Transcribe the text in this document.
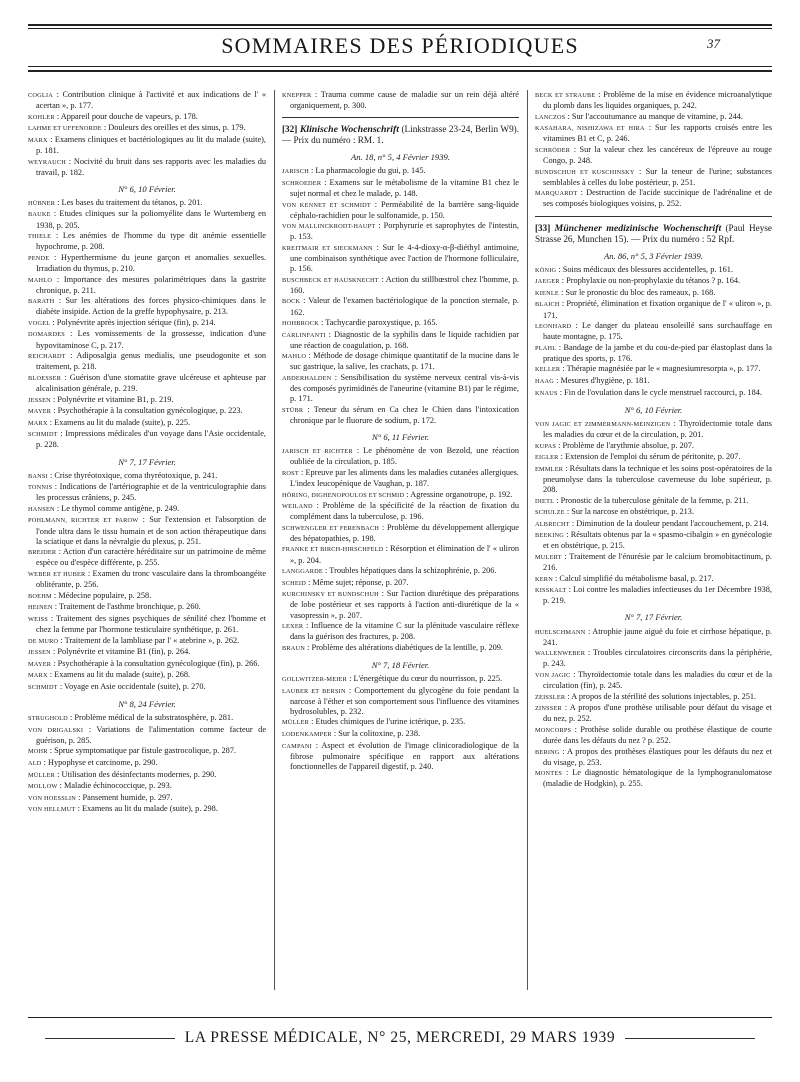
SOMMAIRES DES PÉRIODIQUES	37

COGLIA : Contribution clinique à l'activité et aux indications de l' « acertan », p. 177.

KOHLER : Appareil pour douche de vapeurs, p. 178.

LAHME ET UFFENORDE : Douleurs des oreilles et des sinus, p. 179.

MARX : Examens cliniques et bactériologiques au lit du malade (suite), p. 181.

WEYRAUCH : Nocivité du bruit dans ses rapports avec les maladies du travail, p. 182.

N° 6, 10 Février.

HÜBNER : Les bases du traitement du tétanos, p. 201.

BAUKE : Etudes cliniques sur la poliomyélite dans le Wurtemberg en 1938, p. 205.

THIELE : Les anémies de l'homme du type dit anémie essentielle hypochrome, p. 208.

PENDE : Hyperthermisme du jeune garçon et anomalies sexuelles. Irradiation du thymus, p. 210.

MAHLO : Importance des mesures polarimétriques dans la gastrite chronique, p. 211.

BARATH : Sur les altérations des forces physico-chimiques dans le diabète insipide. Action de la greffe hypophysaire, p. 213.

VOGEL : Polynévrite après injection sérique (fin), p. 214.

DOMARDES : Les vomissements de la grossesse, indication d'une hypovitaminose C, p. 217.

REICHARDT : Adiposalgia genus medialis, une pseudogonite et son traitement, p. 218.

BLOESSER : Guérison d'une stomatite grave ulcéreuse et aphteuse par alcalinisation générale, p. 219.

JESSEN : Polynévrite et vitamine B1, p. 219.

MAYER : Psychothérapie à la consultation gynécologique, p. 223.

MARX : Examens au lit du malade (suite), p. 225.

SCHMIDT : Impressions médicales d'un voyage dans l'Asie occidentale, p. 228.

N° 7, 17 Février.

BANSI : Crise thyréotoxique, coma thyréotoxique, p. 241.

TONNIS : Indications de l'artériographie et de la ventriculographie dans les processus crâniens, p. 245.

HANSEN : Le thymol comme antigène, p. 249.

POHLMANN, RICHTER ET PAROW : Sur l'extension et l'absorption de l'onde ultra dans le tissu humain et de son action thérapeutique dans la sciatique et dans la névralgie du plexus, p. 251.

BREIDER : Action d'un caractère héréditaire sur un patrimoine de même espèce ou d'espèce différente, p. 255.

WEBER ET HUBER : Examen du tronc vasculaire dans la thromboangéite oblitérante, p. 256.

BOEHM : Médecine populaire, p. 258.

HEINEN : Traitement de l'asthme bronchique, p. 260.

WEISS : Traitement des signes psychiques de sénilité chez l'homme et chez la femme par l'hormone testiculaire synthétique, p. 261.

DE MURO : Traitement de la lambliase par l' « atebrine », p. 262.

JESSEN : Polynévrite et vitamine B1 (fin), p. 264.

MAYER : Psychothérapie à la consultation gynécologique (fin), p. 266.

MARX : Examens au lit du malade (suite), p. 268.

SCHMIDT : Voyage en Asie occidentale (suite), p. 270.

N° 8, 24 Février.

STRUGHOLD : Problème médical de la substratosphère, p. 281.

VON DRIGALSKI : Variations de l'alimentation comme facteur de guérison, p. 285.

MOHR : Sprue symptomatique par fistule gastrocolique, p. 287.

ALD : Hypophyse et carcinome, p. 290.

MÜLLER : Utilisation des désinfectants modernes, p. 290.

MOLLOW : Maladie échinococcique, p. 293.

VON HOESSLIN : Pansement humide, p. 297.

VON HELLMUT : Examens au lit du malade (suite), p. 298.

KNEPPER : Trauma comme cause de maladie sur un rein déjà altéré organiquement, p. 300.

[32] Klinische Wochenschrift (Linkstrasse 23-24, Berlin W9). — Prix du numéro : RM. 1.

An. 18, n° 5, 4 Février 1939.

JARISCH : La pharmacologie du gui, p. 145.

SCHROEDER : Examens sur le métabolisme de la vitamine B1 chez le sujet normal et chez le malade, p. 148.

VON KENNET ET SCHMIDT : Perméabilité de la barrière sang-liquide céphalo-rachidien pour le sulfonamide, p. 150.

VON MALLINCKRODT-HAUPT : Porphyrurie et saprophytes de l'intestin, p. 153.

KREITMAIR ET SIECKMANN : Sur le 4-4-dioxy-α-β-diéthyl antimoine, une combinaison synthétique avec l'action de l'hormone folliculaire, p. 156.

BUSCHBECK ET HAUSKNECHT : Action du stillbœstrol chez l'homme, p. 160.

BOCK : Valeur de l'examen bactériologique de la ponction sternale, p. 162.

HOHBROCK : Tachycardie paroxystique, p. 165.

CARLINFANTI : Diagnostic de la syphilis dans le liquide rachidien par une réaction de coagulation, p. 168.

MAHLO : Méthode de dosage chimique quantitatif de la mucine dans le suc gastrique, la salive, les crachats, p. 171.

ABDERHALDEN : Sensibilisation du système nerveux central vis-à-vis des composés pyrimidinés de l'aneurine (vitamine B1) par le régime, p. 171.

STÜBR : Teneur du sérum en Ca chez le Chien dans l'intoxication chronique par le fluorure de sodium, p. 172.

N° 6, 11 Février.

JARISCH ET RICHTER : Le phénomène de von Bezold, une réaction oubliée de la circulation, p. 185.

ROST : Epreuve par les aliments dans les maladies cutanées allergiques. L'index leucopénique de Vaughan, p. 187.

HÖRING, DIGHENOPOULOS ET SCHMID : Agressine organotrope, p. 192.

WEILAND : Problème de la spécificité de la réaction de fixation du complément dans la tuberculose, p. 196.

SCHWENGLER ET FERENBACH : Problème du développement allergique des hépatopathies, p. 198.

FRANKE ET BIRCH-HIRSCHFELD : Résorption et élimination de l' « uliron », p. 204.

LANGGARDE : Troubles hépatiques dans la schizophrénie, p. 206.

SCHEID : Même sujet; réponse, p. 207.

KURCHINSKY ET BUNDSCHUH : Sur l'action diurétique des préparations de lobe postérieur et ses rapports à l'action anti-diurétique de la « vasopressin », p. 207.

LEXER : Influence de la vitamine C sur la plénitude vasculaire réflexe dans la guérison des fractures, p. 208.

BRAUN : Problème des altérations diabétiques de la lentille, p. 209.

N° 7, 18 Février.

GOLLWITZER-MEIER : L'énergétique du cœur du nourrisson, p. 225.

LAUBER ET BERSIN : Comportement du glycogène du foie pendant la narcose à l'éther et son comportement sous l'influence des vitamines hydrosolubles, p. 232.

MÜLLER : Etudes chimiques de l'urine ictérique, p. 235.

LODENKAMPER : Sur la colitoxine, p. 238.

CAMPANI : Aspect et évolution de l'image clinicoradiologique de la fibrose pulmonaire spécifique en rapport aux altérations fonctionnelles de l'appareil digestif, p. 240.

BECK ET STRAUBE : Problème de la mise en évidence microanalytique du plomb dans les liquides organiques, p. 242.

LANCZOS : Sur l'accoutumance au manque de vitamine, p. 244.

KASAHARA, NISHIZAWA ET HIRA : Sur les rapports croisés entre les vitamines B1 et C, p. 246.

SCHRÖDER : Sur la valeur chez les cancéreux de l'épreuve au rouge Congo, p. 248.

BUNDSCHUH ET KUSCHINSKY : Sur la teneur de l'urine; substances semblables à celles du lobe postérieur, p. 251.

MARQUARDT : Destruction de l'acide succinique de l'adrénaline et de ses composés biologiques voisins, p. 252.

[33] Münchener medizinische Wochenschrift (Paul Heyse Strasse 26, Munchen 15). — Prix du numéro : 52 Rpf.

An. 86, n° 5, 3 Février 1939.

KÖNIG : Soins médicaux des blessures accidentelles, p. 161.

JAEGER : Prophylaxie ou non-prophylaxie du tétanos ? p. 164.

KIENLE : Sur le pronostic du bloc des rameaux, p. 168.

BLAICH : Propriété, élimination et fixation organique de l' « uliron », p. 171.

LEONHARD : Le danger du plateau ensoleillé sans surchauffage en haute montagne, p. 175.

PLAHL : Bandage de la jambe et du cou-de-pied par élastoplast dans la pratique des sports, p. 176.

KELLER : Thérapie magnésiée par le « magnesiumresorpta », p. 177.

HAAG : Mesures d'hygiène, p. 181.

KNAUS : Fin de l'ovulation dans le cycle menstruel raccourci, p. 184.

N° 6, 10 Février.

VON JAGIC ET ZIMMERMANN-MEINZIGEN : Thyroïdectomie totale dans les maladies du cœur et de la circulation, p. 201.

KUPAS : Problème de l'arythmie absolue, p. 207.

EIGLER : Extension de l'emploi du sérum de péritonite, p. 207.

EMMLER : Résultats dans la technique et les soins post-opératoires de la pneumolyse dans la tuberculose caverneuse du lobe supérieur, p. 208.

DIETL : Pronostic de la tuberculose génitale de la femme, p. 211.

SCHULZE : Sur la narcose en obstétrique, p. 213.

ALBRECHT : Diminution de la douleur pendant l'accouchement, p. 214.

BEEKING : Résultats obtenus par la « spasmo-cibalgin » en gynécologie et en obstétrique, p. 215.

MULERT : Traitement de l'énurésie par le calcium bromobitactinum, p. 216.

KERN : Calcul simplifié du métabolisme basal, p. 217.

KISSKALT : Loi contre les maladies infectieuses du 1er Décembre 1938, p. 219.

N° 7, 17 Février.

HUELSCHMANN : Atrophie jaune aiguë du foie et cirrhose hépatique, p. 241.

WALLENWEBER : Troubles circulatoires circonscrits dans la périphérie, p. 243.

VON JAGIC : Thyroïdectomie totale dans les maladies du cœur et de la circulation (fin), p. 245.

ZEISSLER : A propos de la stérilité des solutions injectables, p. 251.

ZINSSER : A propos d'une prothèse utilisable pour défaut du visage et du nez, p. 252.

MONCORPS : Prothèse solide durable ou prothèse élastique de courte durée dans les défauts du nez ? p. 252.

BERING : A propos des prothèses élastiques pour les défauts du nez et du visage, p. 253.

MONTES : Le diagnostic hématologique de la lymphogranulomatose (maladie de Hodgkin), p. 255.

LA PRESSE MÉDICALE, N° 25, MERCREDI, 29 MARS 1939
